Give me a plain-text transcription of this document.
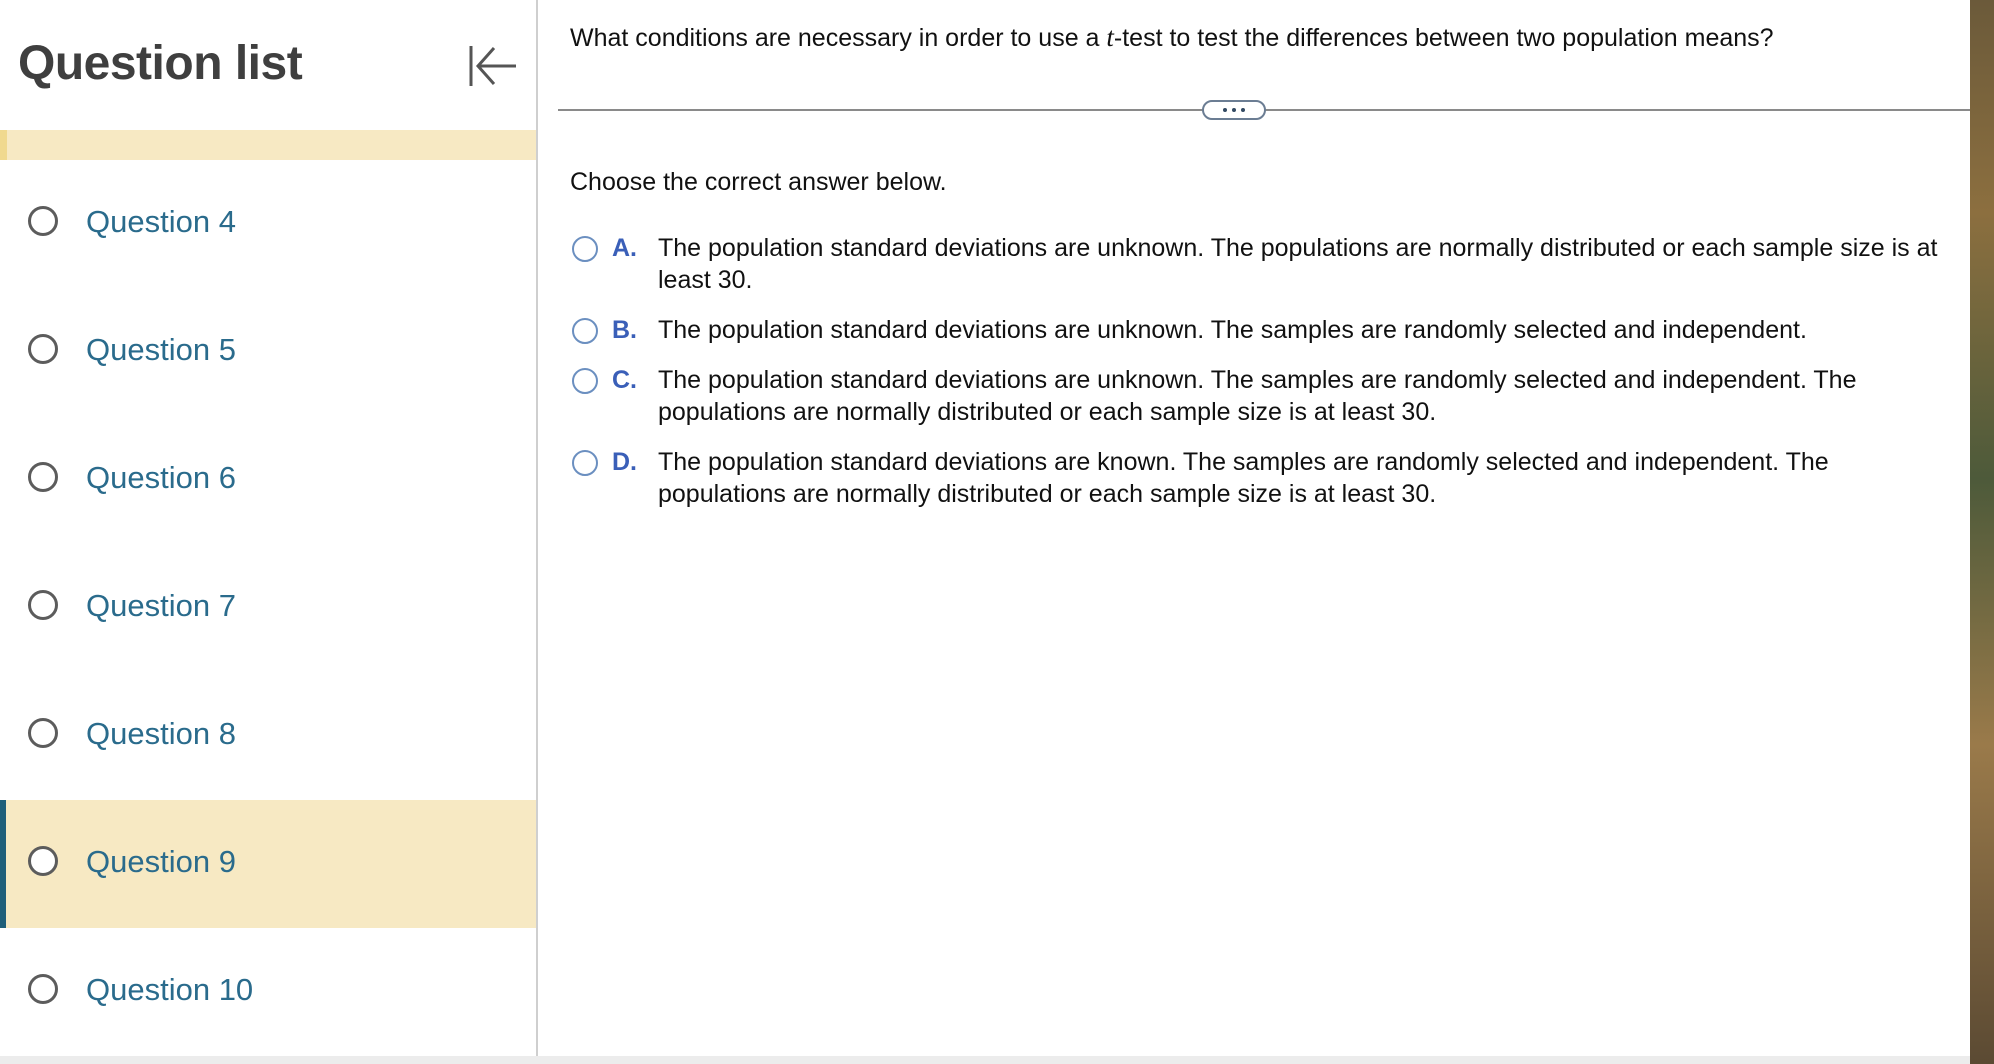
Question list
Question 4
Question 5
Question 6
Question 7
Question 8
Question 9
Question 10
What conditions are necessary in order to use a t-test to test the differences between two population means?
Choose the correct answer below.
A. The population standard deviations are unknown. The populations are normally distributed or each sample size is at least 30.
B. The population standard deviations are unknown. The samples are randomly selected and independent.
C. The population standard deviations are unknown. The samples are randomly selected and independent. The populations are normally distributed or each sample size is at least 30.
D. The population standard deviations are known. The samples are randomly selected and independent. The populations are normally distributed or each sample size is at least 30.
